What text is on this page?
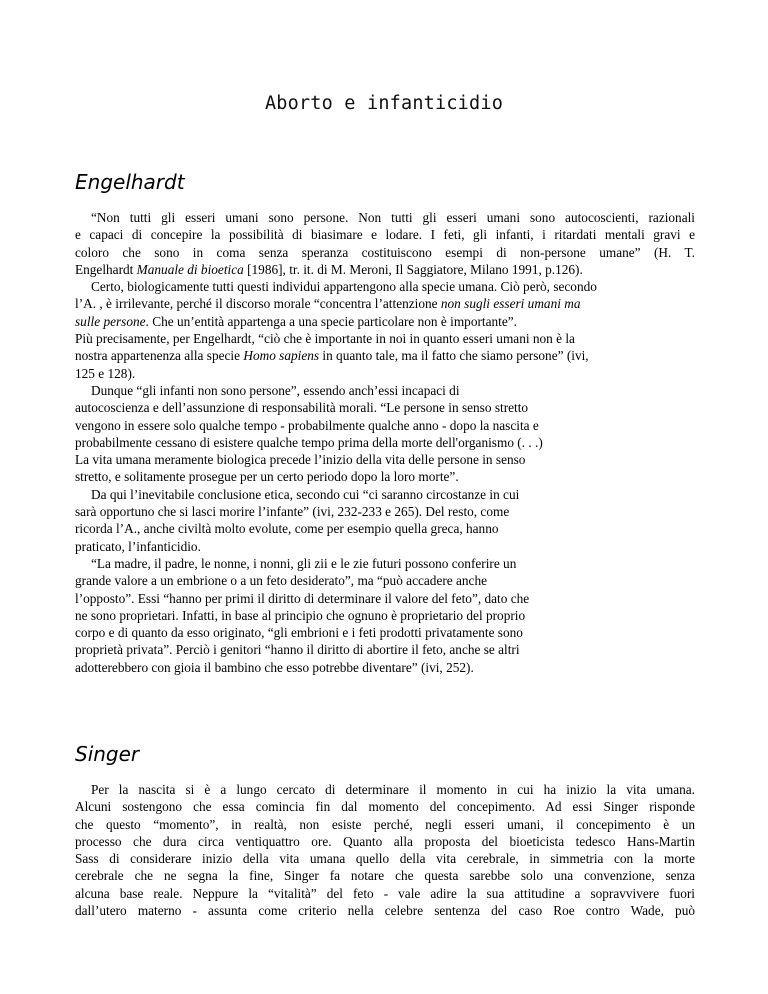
Aborto e infanticidio
Engelhardt
“Non tutti gli esseri umani sono persone. Non tutti gli esseri umani sono autocoscienti, razionali
e capaci di concepire la possibilità di biasimare e lodare. I feti, gli infanti, i ritardati mentali gravi e
coloro che sono in coma senza speranza costituiscono esempi di non-persone umane” (H. T.
Engelhardt Manuale di bioetica [1986], tr. it. di M. Meroni, Il Saggiatore, Milano 1991, p.126).
Certo, biologicamente tutti questi individui appartengono alla specie umana. Ciò però, secondo
l’A. , è irrilevante, perché il discorso morale “concentra l’attenzione non sugli esseri umani ma
sulle persone. Che un’entità appartenga a una specie particolare non è importante”.
Più precisamente, per Engelhardt, “ciò che è importante in noi in quanto esseri umani non è la
nostra appartenenza alla specie Homo sapiens in quanto tale, ma il fatto che siamo persone” (ivi,
125 e 128).
Dunque “gli infanti non sono persone”, essendo anch’essi incapaci di
autocoscienza e dell’assunzione di responsabilità morali. “Le persone in senso stretto
vengono in essere solo qualche tempo - probabilmente qualche anno - dopo la nascita e
probabilmente cessano di esistere qualche tempo prima della morte dell'organismo (. . .)
La vita umana meramente biologica precede l’inizio della vita delle persone in senso
stretto, e solitamente prosegue per un certo periodo dopo la loro morte”.
Da qui l’inevitabile conclusione etica, secondo cui “ci saranno circostanze in cui
sarà opportuno che si lasci morire l’infante” (ivi, 232-233 e 265). Del resto, come
ricorda l’A., anche civiltà molto evolute, come per esempio quella greca, hanno
praticato, l’infanticidio.
“La madre, il padre, le nonne, i nonni, gli zii e le zie futuri possono conferire un
grande valore a un embrione o a un feto desiderato”, ma “può accadere anche
l’opposto”. Essi “hanno per primi il diritto di determinare il valore del feto”, dato che
ne sono proprietari. Infatti, in base al principio che ognuno è proprietario del proprio
corpo e di quanto da esso originato, “gli embrioni e i feti prodotti privatamente sono
proprietà privata”. Perciò i genitori “hanno il diritto di abortire il feto, anche se altri
adotterebbero con gioia il bambino che esso potrebbe diventare” (ivi, 252).
Singer
Per la nascita si è a lungo cercato di determinare il momento in cui ha inizio la vita umana.
Alcuni sostengono che essa comincia fin dal momento del concepimento. Ad essi Singer risponde
che questo “momento”, in realtà, non esiste perché, negli esseri umani, il concepimento è un
processo che dura circa ventiquattro ore. Quanto alla proposta del bioeticista tedesco Hans-Martin
Sass di considerare inizio della vita umana quello della vita cerebrale, in simmetria con la morte
cerebrale che ne segna la fine, Singer fa notare che questa sarebbe solo una convenzione, senza
alcuna base reale. Neppure la “vitalità” del feto - vale adire la sua attitudine a sopravvivere fuori
dall’utero materno - assunta come criterio nella celebre sentenza del caso Roe contro Wade, può
